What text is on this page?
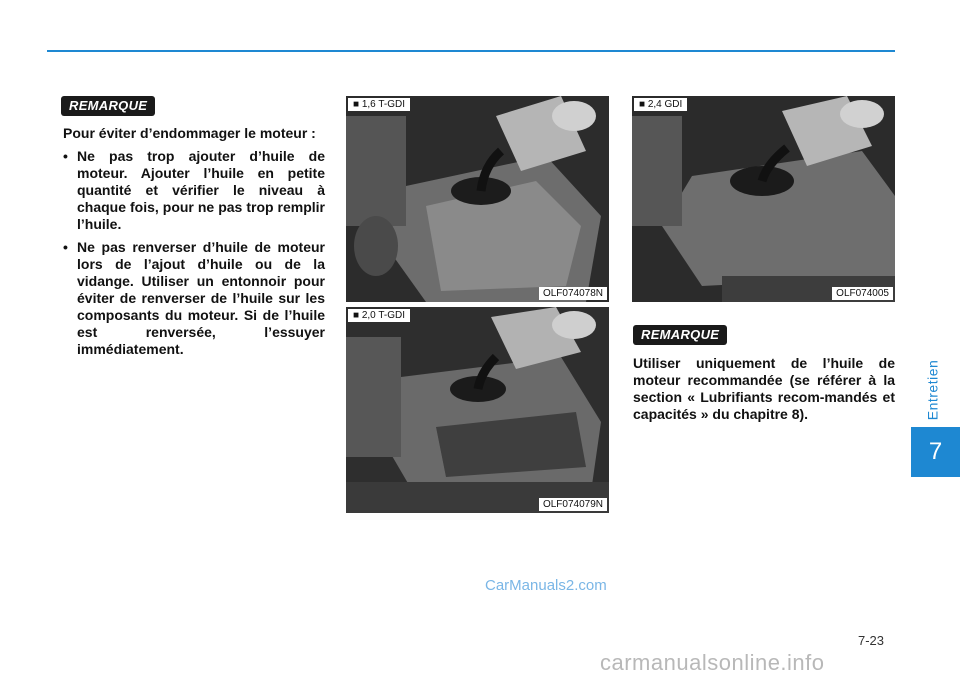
Entretien
7
REMARQUE

Pour éviter d’endommager le moteur :

• Ne pas trop ajouter d’huile de moteur. Ajouter l’huile en petite quantité et vérifier le niveau à chaque fois, pour ne pas trop remplir l’huile.
• Ne pas renverser d’huile de moteur lors de l’ajout d’huile ou de la vidange. Utiliser un entonnoir pour éviter de renverser de l’huile sur les composants du moteur. Si de l’huile est renversée, l’essuyer immédiatement.
■ 1,6 T-GDI
OLF074078N
■ 2,0 T-GDI
OLF074079N
■ 2,4 GDI
OLF074005
REMARQUE

Utiliser uniquement de l’huile de moteur recommandée (se référer à la section « Lubrifiants recom-mandés et capacités » du chapitre 8).

CarManuals2.com
7-23
carmanualsonline.info
